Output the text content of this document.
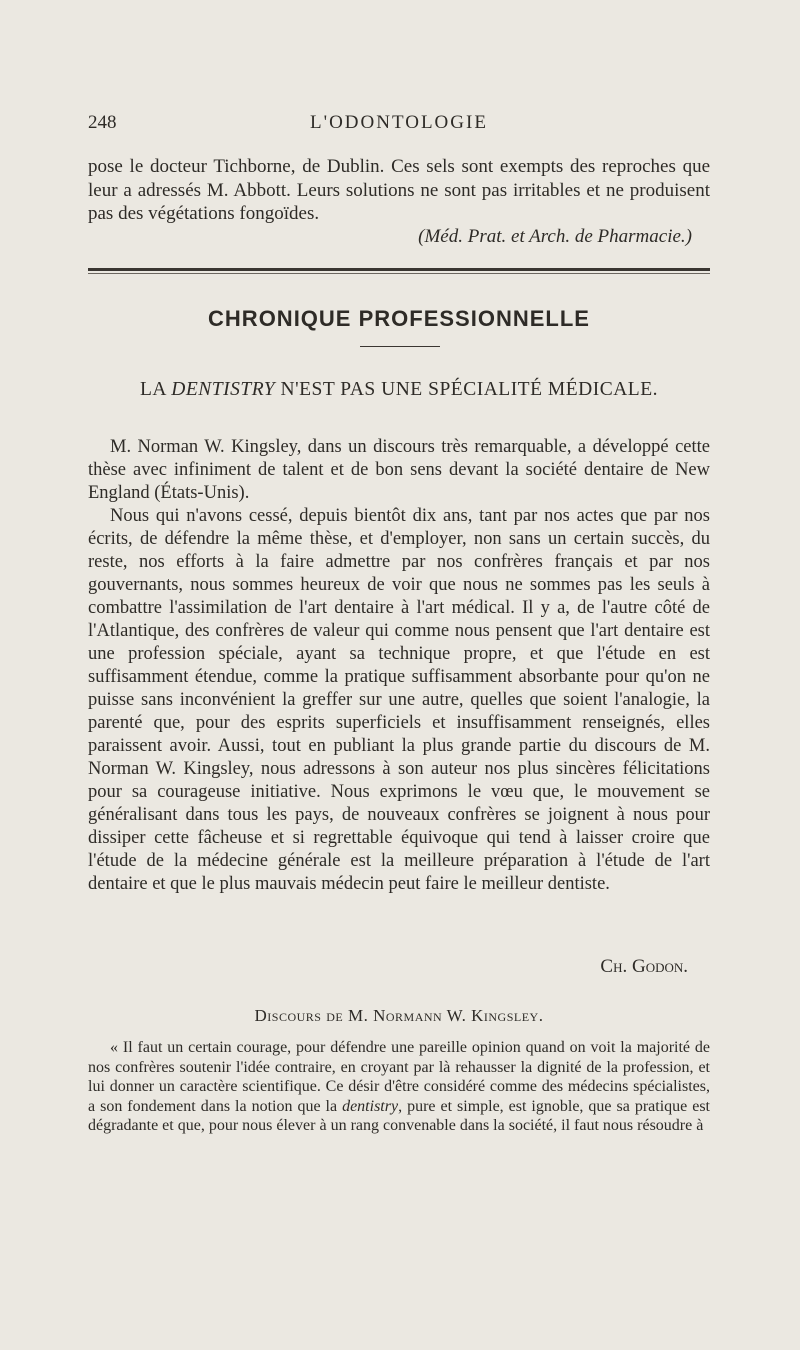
248	L'ODONTOLOGIE

pose le docteur Tichborne, de Dublin. Ces sels sont exempts des reproches que leur a adressés M. Abbott. Leurs solutions ne sont pas irritables et ne produisent pas des végétations fongoïdes.

(Méd. Prat. et Arch. de Pharmacie.)

CHRONIQUE PROFESSIONNELLE
LA DENTISTRY N'EST PAS UNE SPÉCIALITÉ MÉDICALE.

M. Norman W. Kingsley, dans un discours très remarquable, a développé cette thèse avec infiniment de talent et de bon sens devant la société dentaire de New England (États-Unis).

Nous qui n'avons cessé, depuis bientôt dix ans, tant par nos actes que par nos écrits, de défendre la même thèse, et d'employer, non sans un certain succès, du reste, nos efforts à la faire admettre par nos confrères français et par nos gouvernants, nous sommes heureux de voir que nous ne sommes pas les seuls à combattre l'assimilation de l'art dentaire à l'art médical. Il y a, de l'autre côté de l'Atlantique, des confrères de valeur qui comme nous pensent que l'art dentaire est une profession spéciale, ayant sa technique propre, et que l'étude en est suffisamment étendue, comme la pratique suffisamment absorbante pour qu'on ne puisse sans inconvénient la greffer sur une autre, quelles que soient l'analogie, la parenté que, pour des esprits superficiels et insuffisamment renseignés, elles paraissent avoir. Aussi, tout en publiant la plus grande partie du discours de M. Norman W. Kingsley, nous adressons à son auteur nos plus sincères félicitations pour sa courageuse initiative. Nous exprimons le vœu que, le mouvement se généralisant dans tous les pays, de nouveaux confrères se joignent à nous pour dissiper cette fâcheuse et si regrettable équivoque qui tend à laisser croire que l'étude de la médecine générale est la meilleure préparation à l'étude de l'art dentaire et que le plus mauvais médecin peut faire le meilleur dentiste.

Ch. Godon.
Discours de M. Normann W. Kingsley.

« Il faut un certain courage, pour défendre une pareille opinion quand on voit la majorité de nos confrères soutenir l'idée contraire, en croyant par là rehausser la dignité de la profession, et lui donner un caractère scientifique. Ce désir d'être considéré comme des médecins spécialistes, a son fondement dans la notion que la dentistry, pure et simple, est ignoble, que sa pratique est dégradante et que, pour nous élever à un rang convenable dans la société, il faut nous résoudre à
